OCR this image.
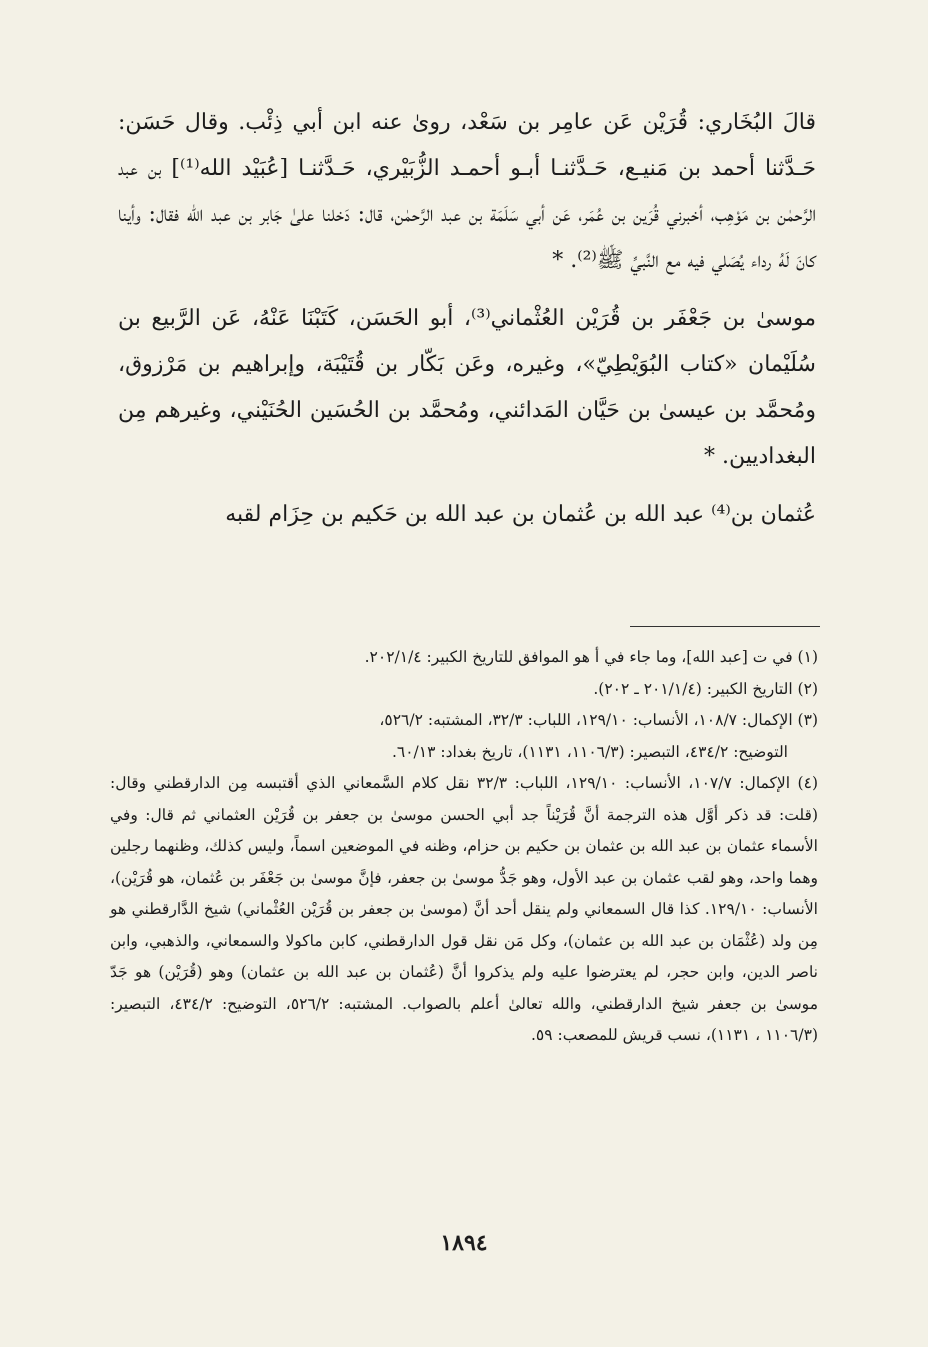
قالَ البُخَاري: قُرَيْن عَن عامِر بن سَعْد، روىٰ عنه ابن أبي ذِئْب. وقال حَسَن: حَـدَّثنا أحمد بن مَنيـع، حَـدَّثنـا أبـو أحمـد الزُّبَيْري، حَـدَّثنـا [عُبَيْد الله⁽¹⁾] بن عبد الرَّحمٰن بن مَوْهِب، أخبرني قُرَين بن عُمَر، عَن أبي سَلَمَة بن عبد الرَّحمٰن، قال: دَخلنا علىٰ جَابر بن عبد الله فقال: وأينا كانَ لَهُ رداء يُصَلي فيه مع النَّبيِّ ﷺ⁽²⁾. *

موسىٰ بن جَعْفَر بن قُرَيْن العُثْماني⁽³⁾، أبو الحَسَن، كَتَبْنَا عَنْهُ، عَن الرَّبيع بن سُلَيْمان «كتاب البُوَيْطِيّ»، وغيره، وعَن بَكّار بن قُتَيْبَة، وإبراهيم بن مَرْزوق، ومُحمَّد بن عيسىٰ بن حَيَّان المَدائني، ومُحمَّد بن الحُسَين الحُنَيْني، وغيرهم مِن البغداديين. *

عُثمان بن⁽⁴⁾ عبد الله بن عُثمان بن عبد الله بن حَكيم بن حِزَام لقبه

(١) في ت [عبد الله]، وما جاء في أ هو الموافق للتاريخ الكبير: ٢٠٢/١/٤.

(٢) التاريخ الكبير: (٢٠١/١/٤ ـ ٢٠٢).

(٣) الإكمال: ١٠٨/٧، الأنساب: ١٢٩/١٠، اللباب: ٣٢/٣، المشتبه: ٥٢٦/٢،

التوضيح: ٤٣٤/٢، التبصير: (١١٠٦/٣، ١١٣١)، تاريخ بغداد: ٦٠/١٣.

(٤) الإكمال: ١٠٧/٧، الأنساب: ١٢٩/١٠، اللباب: ٣٢/٣ نقل كلام السَّمعاني الذي أقتبسه مِن الدارقطني وقال: (قلت: قد ذكر أوَّل هذه الترجمة أنَّ قُرَيْناً جد أبي الحسن موسىٰ بن جعفر بن قُرَيْن العثماني ثم قال: وفي الأسماء عثمان بن عبد الله بن عثمان بن حكيم بن حزام، وظنه في الموضعين اسماً، وليس كذلك، وظنهما رجلين وهما واحد، وهو لقب عثمان بن عبد الأول، وهو جَدُّ موسىٰ بن جعفر، فإنَّ موسىٰ بن جَعْفَر بن عُثمان، هو قُرَيْن)، الأنساب: ١٢٩/١٠. كذا قال السمعاني ولم ينقل أحد أنَّ (موسىٰ بن جعفر بن قُرَيْن العُثْماني) شيخ الدَّارقطني هو مِن ولد (عُثْمَان بن عبد الله بن عثمان)، وكل مَن نقل قول الدارقطني، كابن ماكولا والسمعاني، والذهبي، وابن ناصر الدين، وابن حجر، لم يعترضوا عليه ولم يذكروا أنَّ (عُثمان بن عبد الله بن عثمان) وهو (قُرَيْن) هو جَدّ موسىٰ بن جعفر شيخ الدارقطني، والله تعالىٰ أعلم بالصواب. المشتبه: ٥٢٦/٢، التوضيح: ٤٣٤/٢، التبصير: (١١٠٦/٣ ، ١١٣١)، نسب قريش للمصعب: ٥٩.

١٨٩٤
